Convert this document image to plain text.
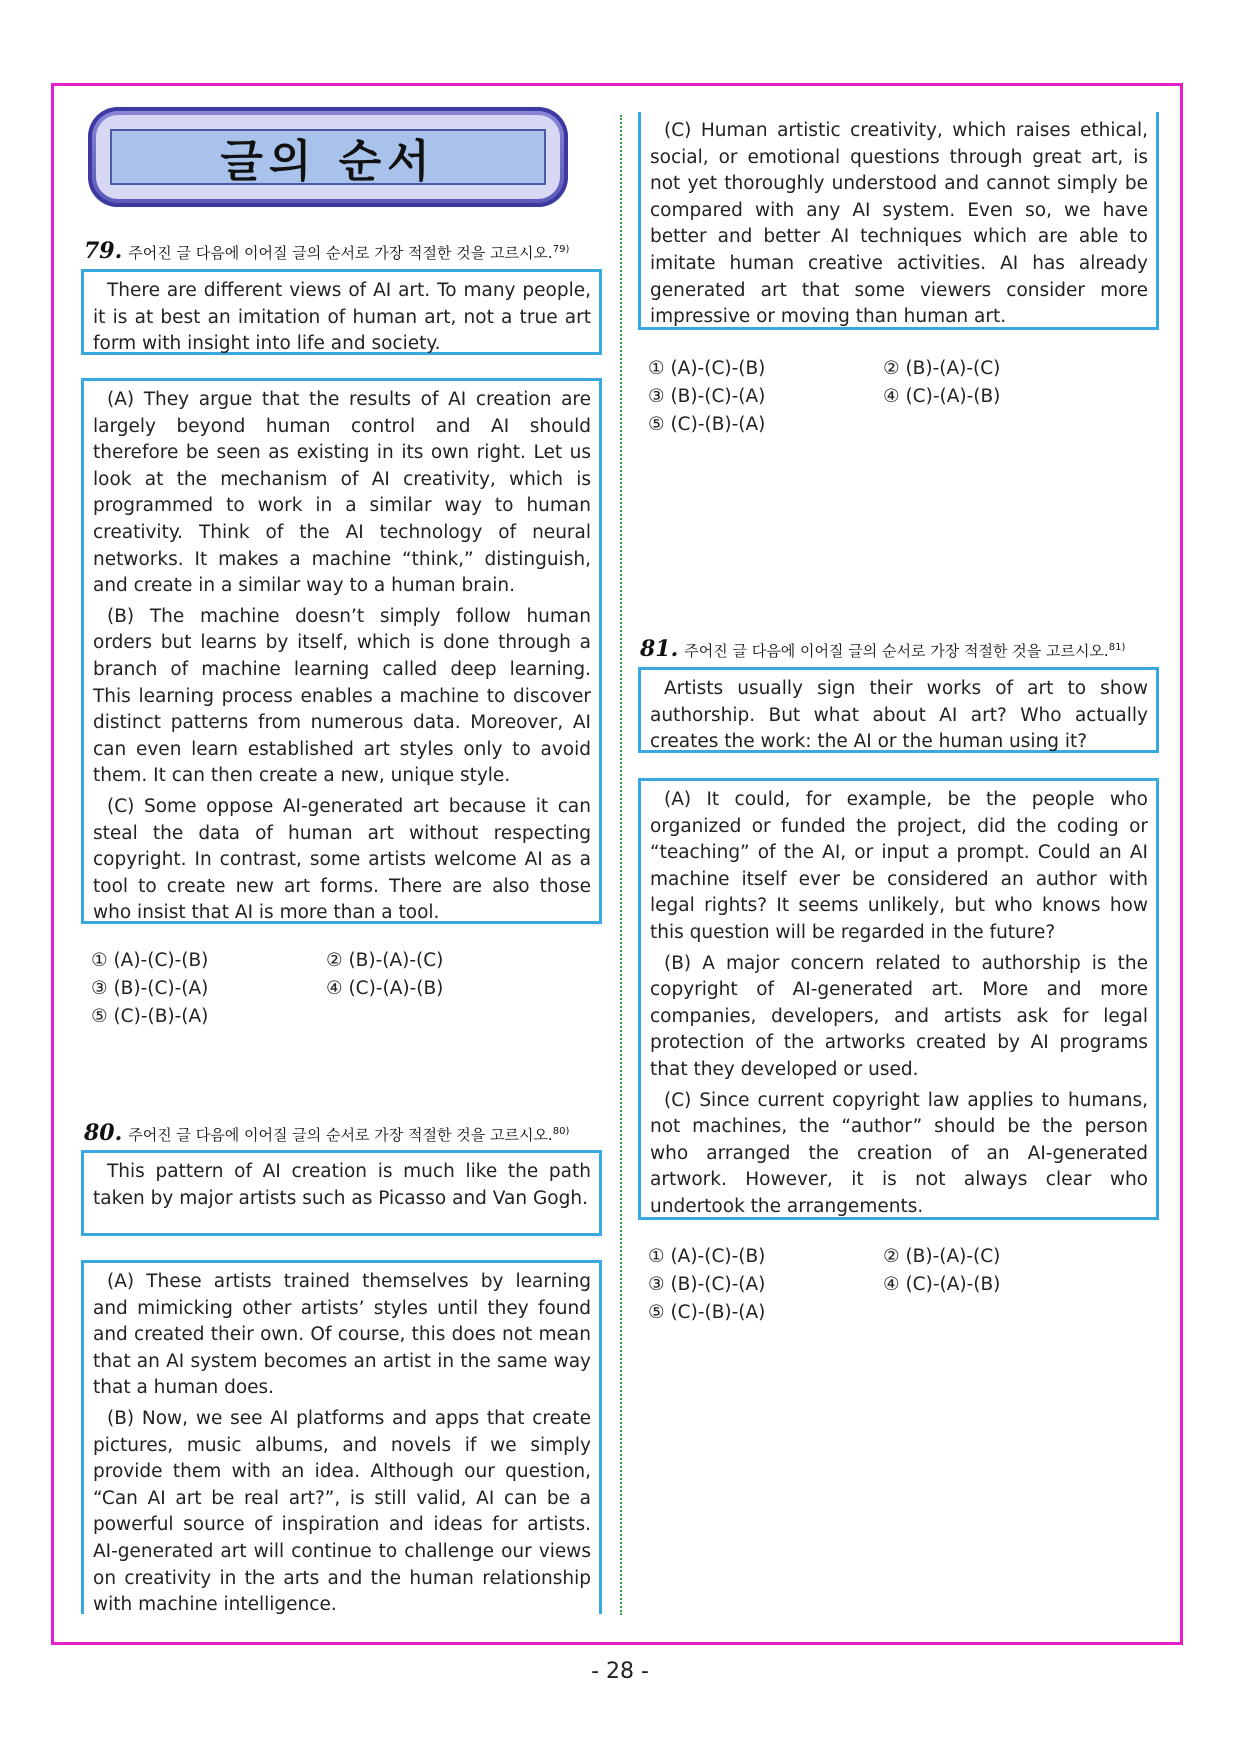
글의 순서
79. 주어진 글 다음에 이어질 글의 순서로 가장 적절한 것을 고르시오.$^{79)}$

There are different views of AI art. To many people, it is at best an imitation of human art, not a true art form with insight into life and society.

(A) They argue that the results of AI creation are largely beyond human control and AI should therefore be seen as existing in its own right. Let us look at the mechanism of AI creativity, which is programmed to work in a similar way to human creativity. Think of the AI technology of neural networks. It makes a machine “think,” distinguish, and create in a similar way to a human brain.

(B) The machine doesn’t simply follow human orders but learns by itself, which is done through a branch of machine learning called deep learning. This learning process enables a machine to discover distinct patterns from numerous data. Moreover, AI can even learn established art styles only to avoid them. It can then create a new, unique style.

(C) Some oppose AI-generated art because it can steal the data of human art without respecting copyright. In contrast, some artists welcome AI as a tool to create new art forms. There are also those who insist that AI is more than a tool.

① (A)-(C)-(B)	② (B)-(A)-(C)
③ (B)-(C)-(A)	④ (C)-(A)-(B)
⑤ (C)-(B)-(A)
80. 주어진 글 다음에 이어질 글의 순서로 가장 적절한 것을 고르시오.$^{80)}$

This pattern of AI creation is much like the path taken by major artists such as Picasso and Van Gogh.

(A) These artists trained themselves by learning and mimicking other artists’ styles until they found and created their own. Of course, this does not mean that an AI system becomes an artist in the same way that a human does.

(B) Now, we see AI platforms and apps that create pictures, music albums, and novels if we simply provide them with an idea. Although our question, “Can AI art be real art?”, is still valid, AI can be a powerful source of inspiration and ideas for artists. AI-generated art will continue to challenge our views on creativity in the arts and the human relationship with machine intelligence.

(C) Human artistic creativity, which raises ethical, social, or emotional questions through great art, is not yet thoroughly understood and cannot simply be compared with any AI system. Even so, we have better and better AI techniques which are able to imitate human creative activities. AI has already generated art that some viewers consider more impressive or moving than human art.

① (A)-(C)-(B)	② (B)-(A)-(C)
③ (B)-(C)-(A)	④ (C)-(A)-(B)
⑤ (C)-(B)-(A)
81. 주어진 글 다음에 이어질 글의 순서로 가장 적절한 것을 고르시오.$^{81)}$

Artists usually sign their works of art to show authorship. But what about AI art? Who actually creates the work: the AI or the human using it?

(A) It could, for example, be the people who organized or funded the project, did the coding or “teaching” of the AI, or input a prompt. Could an AI machine itself ever be considered an author with legal rights? It seems unlikely, but who knows how this question will be regarded in the future?

(B) A major concern related to authorship is the copyright of AI-generated art. More and more companies, developers, and artists ask for legal protection of the artworks created by AI programs that they developed or used.

(C) Since current copyright law applies to humans, not machines, the “author” should be the person who arranged the creation of an AI-generated artwork. However, it is not always clear who undertook the arrangements.

① (A)-(C)-(B)	② (B)-(A)-(C)
③ (B)-(C)-(A)	④ (C)-(A)-(B)
⑤ (C)-(B)-(A)
- 28 -
